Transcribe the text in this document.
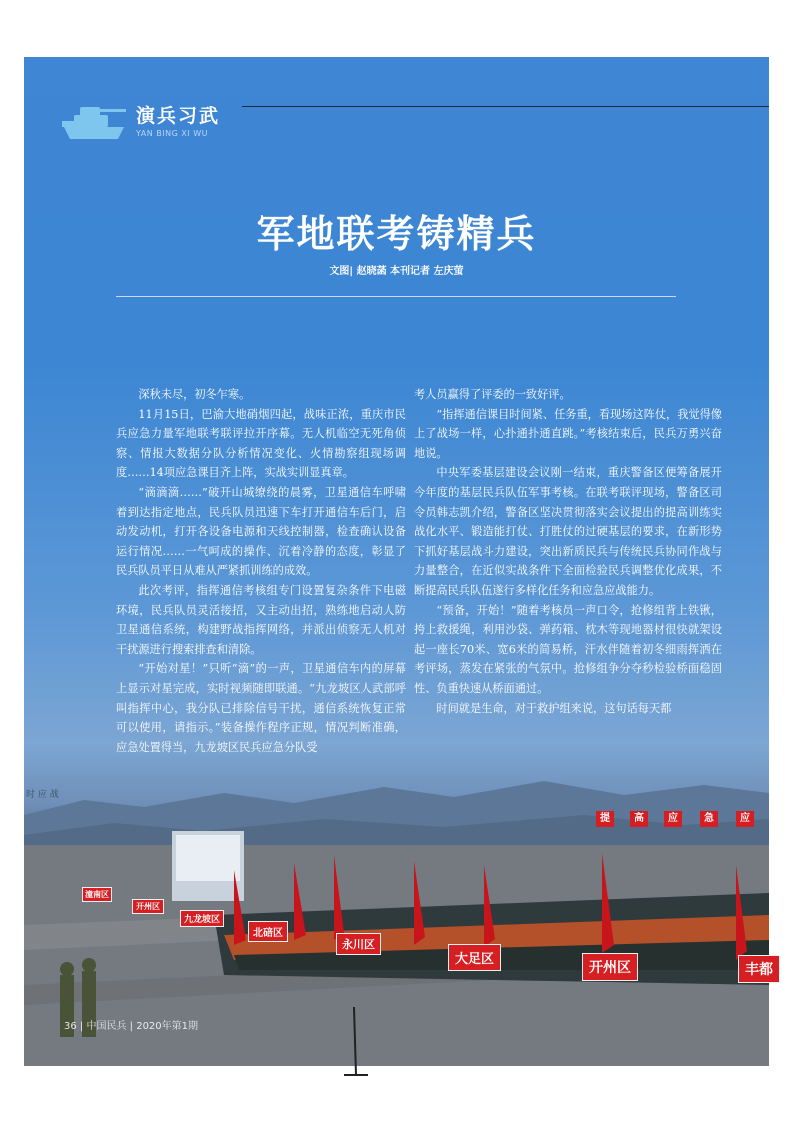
演兵习武
YAN BING XI WU
军地联考铸精兵
文图| 赵晓菡 本刊记者 左庆萤

深秋未尽，初冬乍寒。

11月15日，巴渝大地硝烟四起，战味正浓，重庆市民兵应急力量军地联考联评拉开序幕。无人机临空无死角侦察、情报大数据分队分析情况变化、火情勘察组现场调度……14项应急课目齐上阵，实战实训显真章。

“滴滴滴……”破开山城缭绕的晨雾，卫星通信车呼啸着到达指定地点，民兵队员迅速下车打开通信车后门，启动发动机，打开各设备电源和天线控制器，检查确认设备运行情况……一气呵成的操作、沉着冷静的态度，彰显了民兵队员平日从难从严紧抓训练的成效。

此次考评，指挥通信考核组专门设置复杂条件下电磁环境，民兵队员灵活接招，又主动出招，熟练地启动人防卫星通信系统，构建野战指挥网络，并派出侦察无人机对干扰源进行搜索排查和清除。

“开始对星！”只听“滴”的一声，卫星通信车内的屏幕上显示对星完成，实时视频随即联通。“九龙坡区人武部呼叫指挥中心，我分队已排除信号干扰，通信系统恢复正常可以使用，请指示。”装备操作程序正规，情况判断准确，应急处置得当，九龙坡区民兵应急分队受

考人员赢得了评委的一致好评。

“指挥通信课目时间紧、任务重，看现场这阵仗，我觉得像上了战场一样，心扑通扑通直跳。”考核结束后，民兵万勇兴奋地说。

中央军委基层建设会议刚一结束，重庆警备区便筹备展开今年度的基层民兵队伍军事考核。在联考联评现场，警备区司令员韩志凯介绍，警备区坚决贯彻落实会议提出的提高训练实战化水平、锻造能打仗、打胜仗的过硬基层的要求，在新形势下抓好基层战斗力建设，突出新质民兵与传统民兵协同作战与力量整合，在近似实战条件下全面检验民兵调整优化成果，不断提高民兵队伍遂行多样化任务和应急应战能力。

“预备，开始！”随着考核员一声口令，抢修组背上铁锹，挎上救援绳，利用沙袋、弹药箱、枕木等现地器材很快就架设起一座长70米、宽6米的简易桥，汗水伴随着初冬细雨挥洒在考评场，蒸发在紧张的气氛中。抢修组争分夺秒检验桥面稳固性、负重快速从桥面通过。

时间就是生命，对于救护组来说，这句话每天都

提	高	应	急	应
时 应 战
潼南区
开州区
九龙坡区
北碚区
永川区
大足区
开州区	丰都
36 | 中国民兵 | 2020年第1期
